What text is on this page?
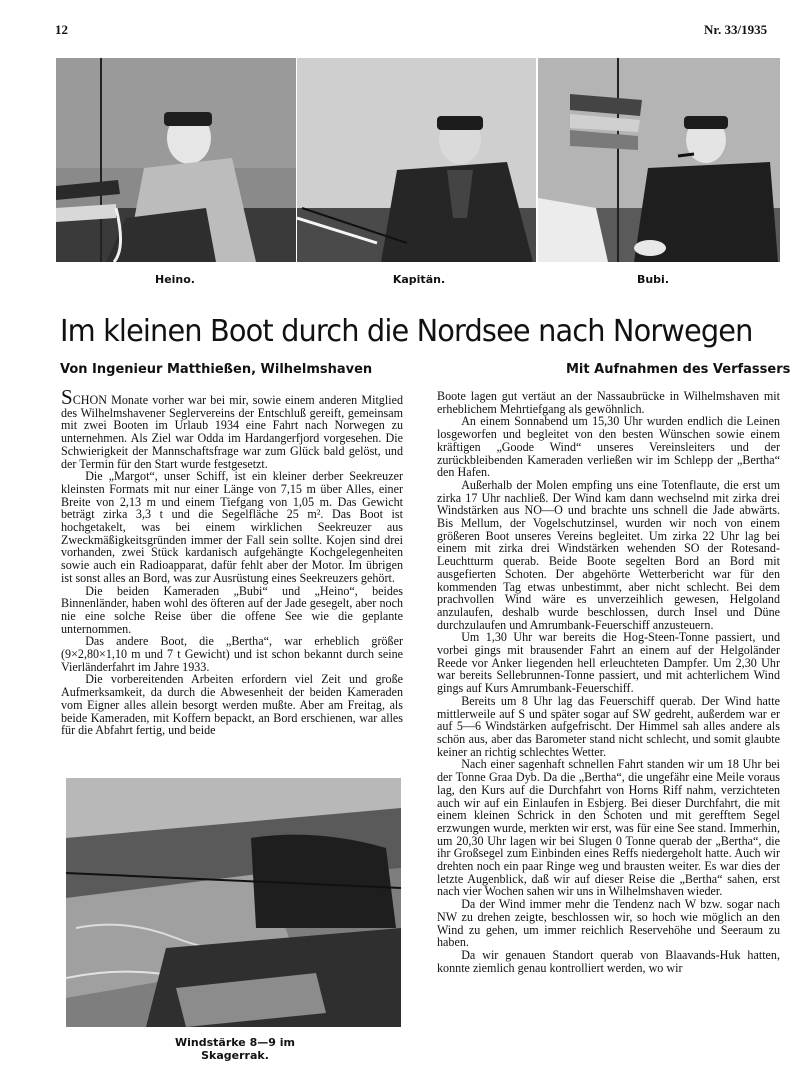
12	Nr. 33/1935
Heino.	Kapitän.	Bubi.
Im kleinen Boot durch die Nordsee nach Norwegen
Von Ingenieur Matthießen, Wilhelmshaven	Mit Aufnahmen des Verfassers

SCHON Monate vorher war bei mir, sowie einem anderen Mitglied des Wilhelmshavener Seglervereins der Entschluß gereift, gemeinsam mit zwei Booten im Urlaub 1934 eine Fahrt nach Norwegen zu unternehmen. Als Ziel war Odda im Hardangerfjord vorgesehen. Die Schwierigkeit der Mannschaftsfrage war zum Glück bald gelöst, und der Termin für den Start wurde festgesetzt.

Die „Margot“, unser Schiff, ist ein kleiner derber Seekreuzer kleinsten Formats mit nur einer Länge von 7,15 m über Alles, einer Breite von 2,13 m und einem Tiefgang von 1,05 m. Das Gewicht beträgt zirka 3,3 t und die Segelfläche 25 m². Das Boot ist hochgetakelt, was bei einem wirklichen Seekreuzer aus Zweckmäßigkeitsgründen immer der Fall sein sollte. Kojen sind drei vorhanden, zwei Stück kardanisch aufgehängte Kochgelegenheiten sowie auch ein Radioapparat, dafür fehlt aber der Motor. Im übrigen ist sonst alles an Bord, was zur Ausrüstung eines Seekreuzers gehört.

Die beiden Kameraden „Bubi“ und „Heino“, beides Binnenländer, haben wohl des öfteren auf der Jade gesegelt, aber noch nie eine solche Reise über die offene See wie die geplante unternommen.

Das andere Boot, die „Bertha“, war erheblich größer (9×2,80×1,10 m und 7 t Gewicht) und ist schon bekannt durch seine Vierländerfahrt im Jahre 1933.

Die vorbereitenden Arbeiten erfordern viel Zeit und große Aufmerksamkeit, da durch die Abwesenheit der beiden Kameraden vom Eigner alles allein besorgt werden mußte. Aber am Freitag, als beide Kameraden, mit Koffern bepackt, an Bord erschienen, war alles für die Abfahrt fertig, und beide

Windstärke 8—9 im Skagerrak.

Boote lagen gut vertäut an der Nassaubrücke in Wilhelmshaven mit erheblichem Mehrtiefgang als gewöhnlich.

An einem Sonnabend um 15,30 Uhr wurden endlich die Leinen losgeworfen und begleitet von den besten Wünschen sowie einem kräftigen „Goode Wind“ unseres Vereinsleiters und der zurückbleibenden Kameraden verließen wir im Schlepp der „Bertha“ den Hafen.

Außerhalb der Molen empfing uns eine Totenflaute, die erst um zirka 17 Uhr nachließ. Der Wind kam dann wechselnd mit zirka drei Windstärken aus NO—O und brachte uns schnell die Jade abwärts. Bis Mellum, der Vogelschutzinsel, wurden wir noch von einem größeren Boot unseres Vereins begleitet. Um zirka 22 Uhr lag bei einem mit zirka drei Windstärken wehenden SO der Rotesand-Leuchtturm querab. Beide Boote segelten Bord an Bord mit ausgefierten Schoten. Der abgehörte Wetterbericht war für den kommenden Tag etwas unbestimmt, aber nicht schlecht. Bei dem prachvollen Wind wäre es unverzeihlich gewesen, Helgoland anzulaufen, deshalb wurde beschlossen, durch Insel und Düne durchzulaufen und Amrumbank-Feuerschiff anzusteuern.

Um 1,30 Uhr war bereits die Hog-Steen-Tonne passiert, und vorbei gings mit brausender Fahrt an einem auf der Helgoländer Reede vor Anker liegenden hell erleuchteten Dampfer. Um 2,30 Uhr war bereits Sellebrunnen-Tonne passiert, und mit achterlichem Wind gings auf Kurs Amrumbank-Feuerschiff.

Bereits um 8 Uhr lag das Feuerschiff querab. Der Wind hatte mittlerweile auf S und später sogar auf SW gedreht, außerdem war er auf 5—6 Windstärken aufgefrischt. Der Himmel sah alles andere als schön aus, aber das Barometer stand nicht schlecht, und somit glaubte keiner an richtig schlechtes Wetter.

Nach einer sagenhaft schnellen Fahrt standen wir um 18 Uhr bei der Tonne Graa Dyb. Da die „Bertha“, die ungefähr eine Meile voraus lag, den Kurs auf die Durchfahrt von Horns Riff nahm, verzichteten auch wir auf ein Einlaufen in Esbjerg. Bei dieser Durchfahrt, die mit einem kleinen Schrick in den Schoten und mit gerefftem Segel erzwungen wurde, merkten wir erst, was für eine See stand. Immerhin, um 20,30 Uhr lagen wir bei Slugen 0 Tonne querab der „Bertha“, die ihr Großsegel zum Einbinden eines Reffs niedergeholt hatte. Auch wir drehten noch ein paar Ringe weg und brausten weiter. Es war dies der letzte Augenblick, daß wir auf dieser Reise die „Bertha“ sahen, erst nach vier Wochen sahen wir uns in Wilhelmshaven wieder.

Da der Wind immer mehr die Tendenz nach W bzw. sogar nach NW zu drehen zeigte, beschlossen wir, so hoch wie möglich an den Wind zu gehen, um immer reichlich Reservehöhe und Seeraum zu haben.

Da wir genauen Standort querab von Blaavands-Huk hatten, konnte ziemlich genau kontrolliert werden, wo wir
